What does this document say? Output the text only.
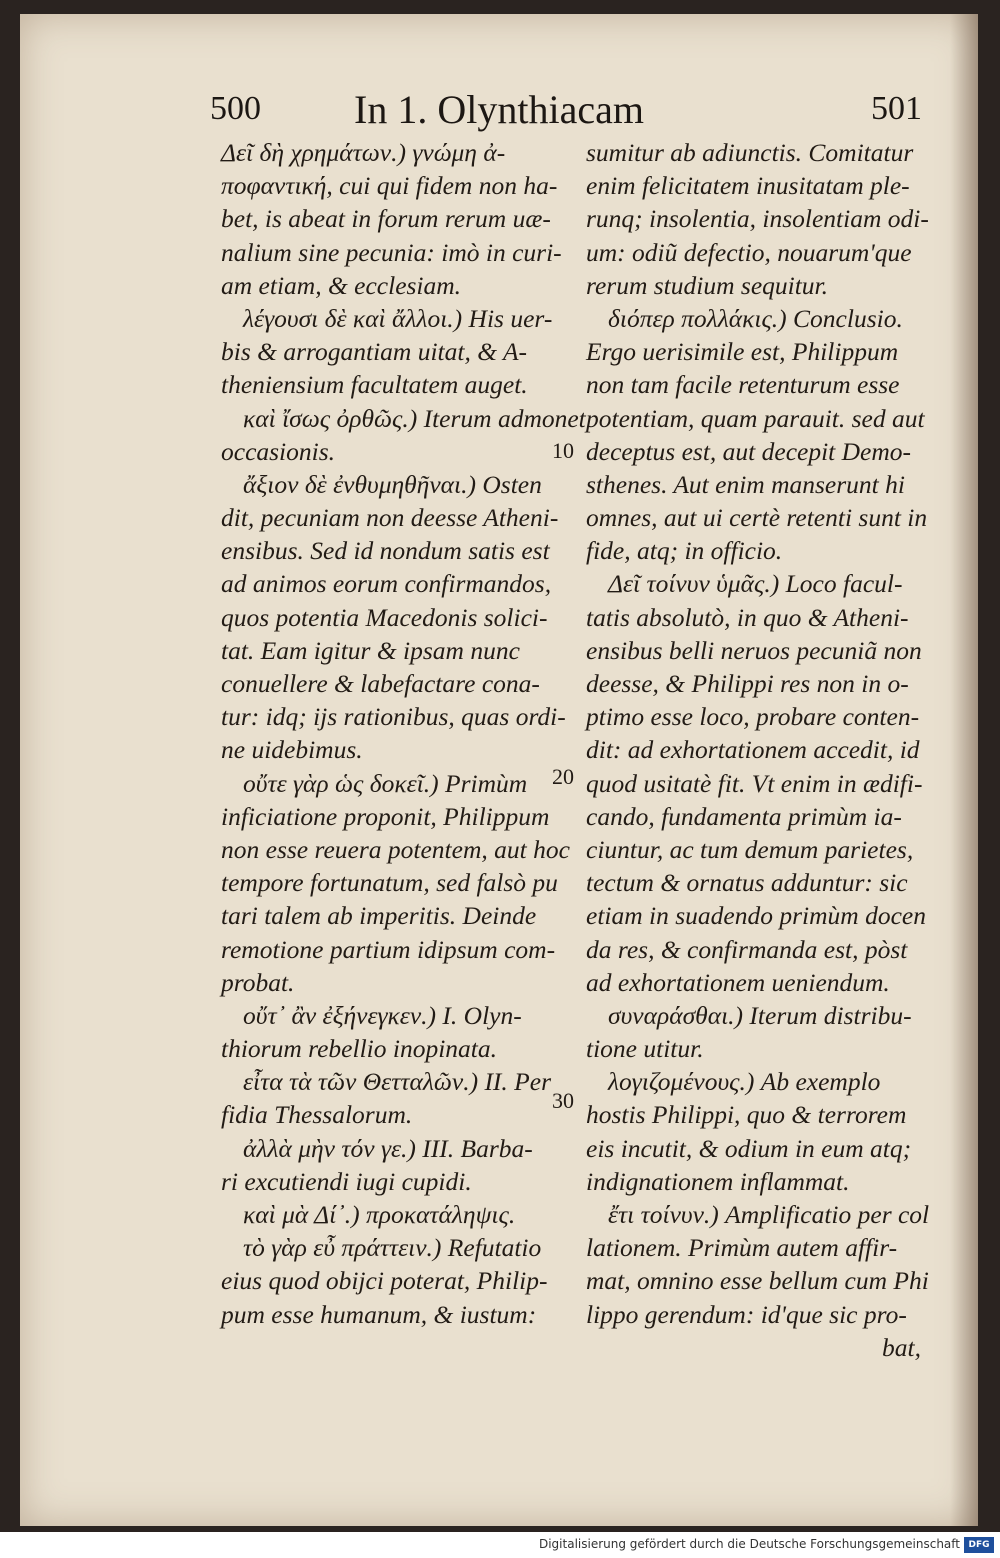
500	In 1. Olynthiacam	501
Δεῖ δὴ χρημάτων.) γνώμη ἀ-
ποφαντική, cui qui fidem non ha-
bet, is abeat in forum rerum uæ-
nalium sine pecunia: imò in curi-
am etiam, & ecclesiam.
λέγουσι δὲ καὶ ἄλλοι.) His uer-
bis & arrogantiam uitat, & A-
theniensium facultatem auget.
καὶ ἴσως ὀρθῶς.) Iterum admonet
occasionis.
ἄξιον δὲ ἐνθυμηθῆναι.) Osten
dit, pecuniam non deesse Atheni-
ensibus. Sed id nondum satis est
ad animos eorum confirmandos,
quos potentia Macedonis solici-
tat. Eam igitur & ipsam nunc
conuellere & labefactare cona-
tur: idq; ijs rationibus, quas ordi-
ne uidebimus.
οὔτε γὰρ ὡς δοκεῖ.) Primùm
inficiatione proponit, Philippum
non esse reuera potentem, aut hoc
tempore fortunatum, sed falsò pu
tari talem ab imperitis. Deinde
remotione partium idipsum com-
probat.
οὔτ᾽ ἂν ἐξήνεγκεν.) I. Olyn-
thiorum rebellio inopinata.
εἶτα τὰ τῶν Θετταλῶν.) II. Per
fidia Thessalorum.
ἀλλὰ μὴν τόν γε.) III. Barba-
ri excutiendi iugi cupidi.
καὶ μὰ Δί᾽.) προκατάληψις.
τὸ γὰρ εὖ πράττειν.) Refutatio
eius quod obijci poterat, Philip-
pum esse humanum, & iustum:
10
20
30
sumitur ab adiunctis. Comitatur
enim felicitatem inusitatam ple-
runq; insolentia, insolentiam odi-
um: odiũ defectio, nouarum'que
rerum studium sequitur.
διόπερ πολλάκις.) Conclusio.
Ergo uerisimile est, Philippum
non tam facile retenturum esse
potentiam, quam parauit. sed aut
deceptus est, aut decepit Demo-
sthenes. Aut enim manserunt hi
omnes, aut ui certè retenti sunt in
fide, atq; in officio.
Δεῖ τοίνυν ὑμᾶς.) Loco facul-
tatis absolutò, in quo & Atheni-
ensibus belli neruos pecuniã non
deesse, & Philippi res non in o-
ptimo esse loco, probare conten-
dit: ad exhortationem accedit, id
quod usitatè fit. Vt enim in ædifi-
cando, fundamenta primùm ia-
ciuntur, ac tum demum parietes,
tectum & ornatus adduntur: sic
etiam in suadendo primùm docen
da res, & confirmanda est, pòst
ad exhortationem ueniendum.
συναράσθαι.) Iterum distribu-
tione utitur.
λογιζομένους.) Ab exemplo
hostis Philippi, quo & terrorem
eis incutit, & odium in eum atq;
indignationem inflammat.
ἔτι τοίνυν.) Amplificatio per col
lationem. Primùm autem affir-
mat, omnino esse bellum cum Phi
lippo gerendum: id'que sic pro-
bat,
Digitalisierung gefördert durch die Deutsche Forschungsgemeinschaft DFG
